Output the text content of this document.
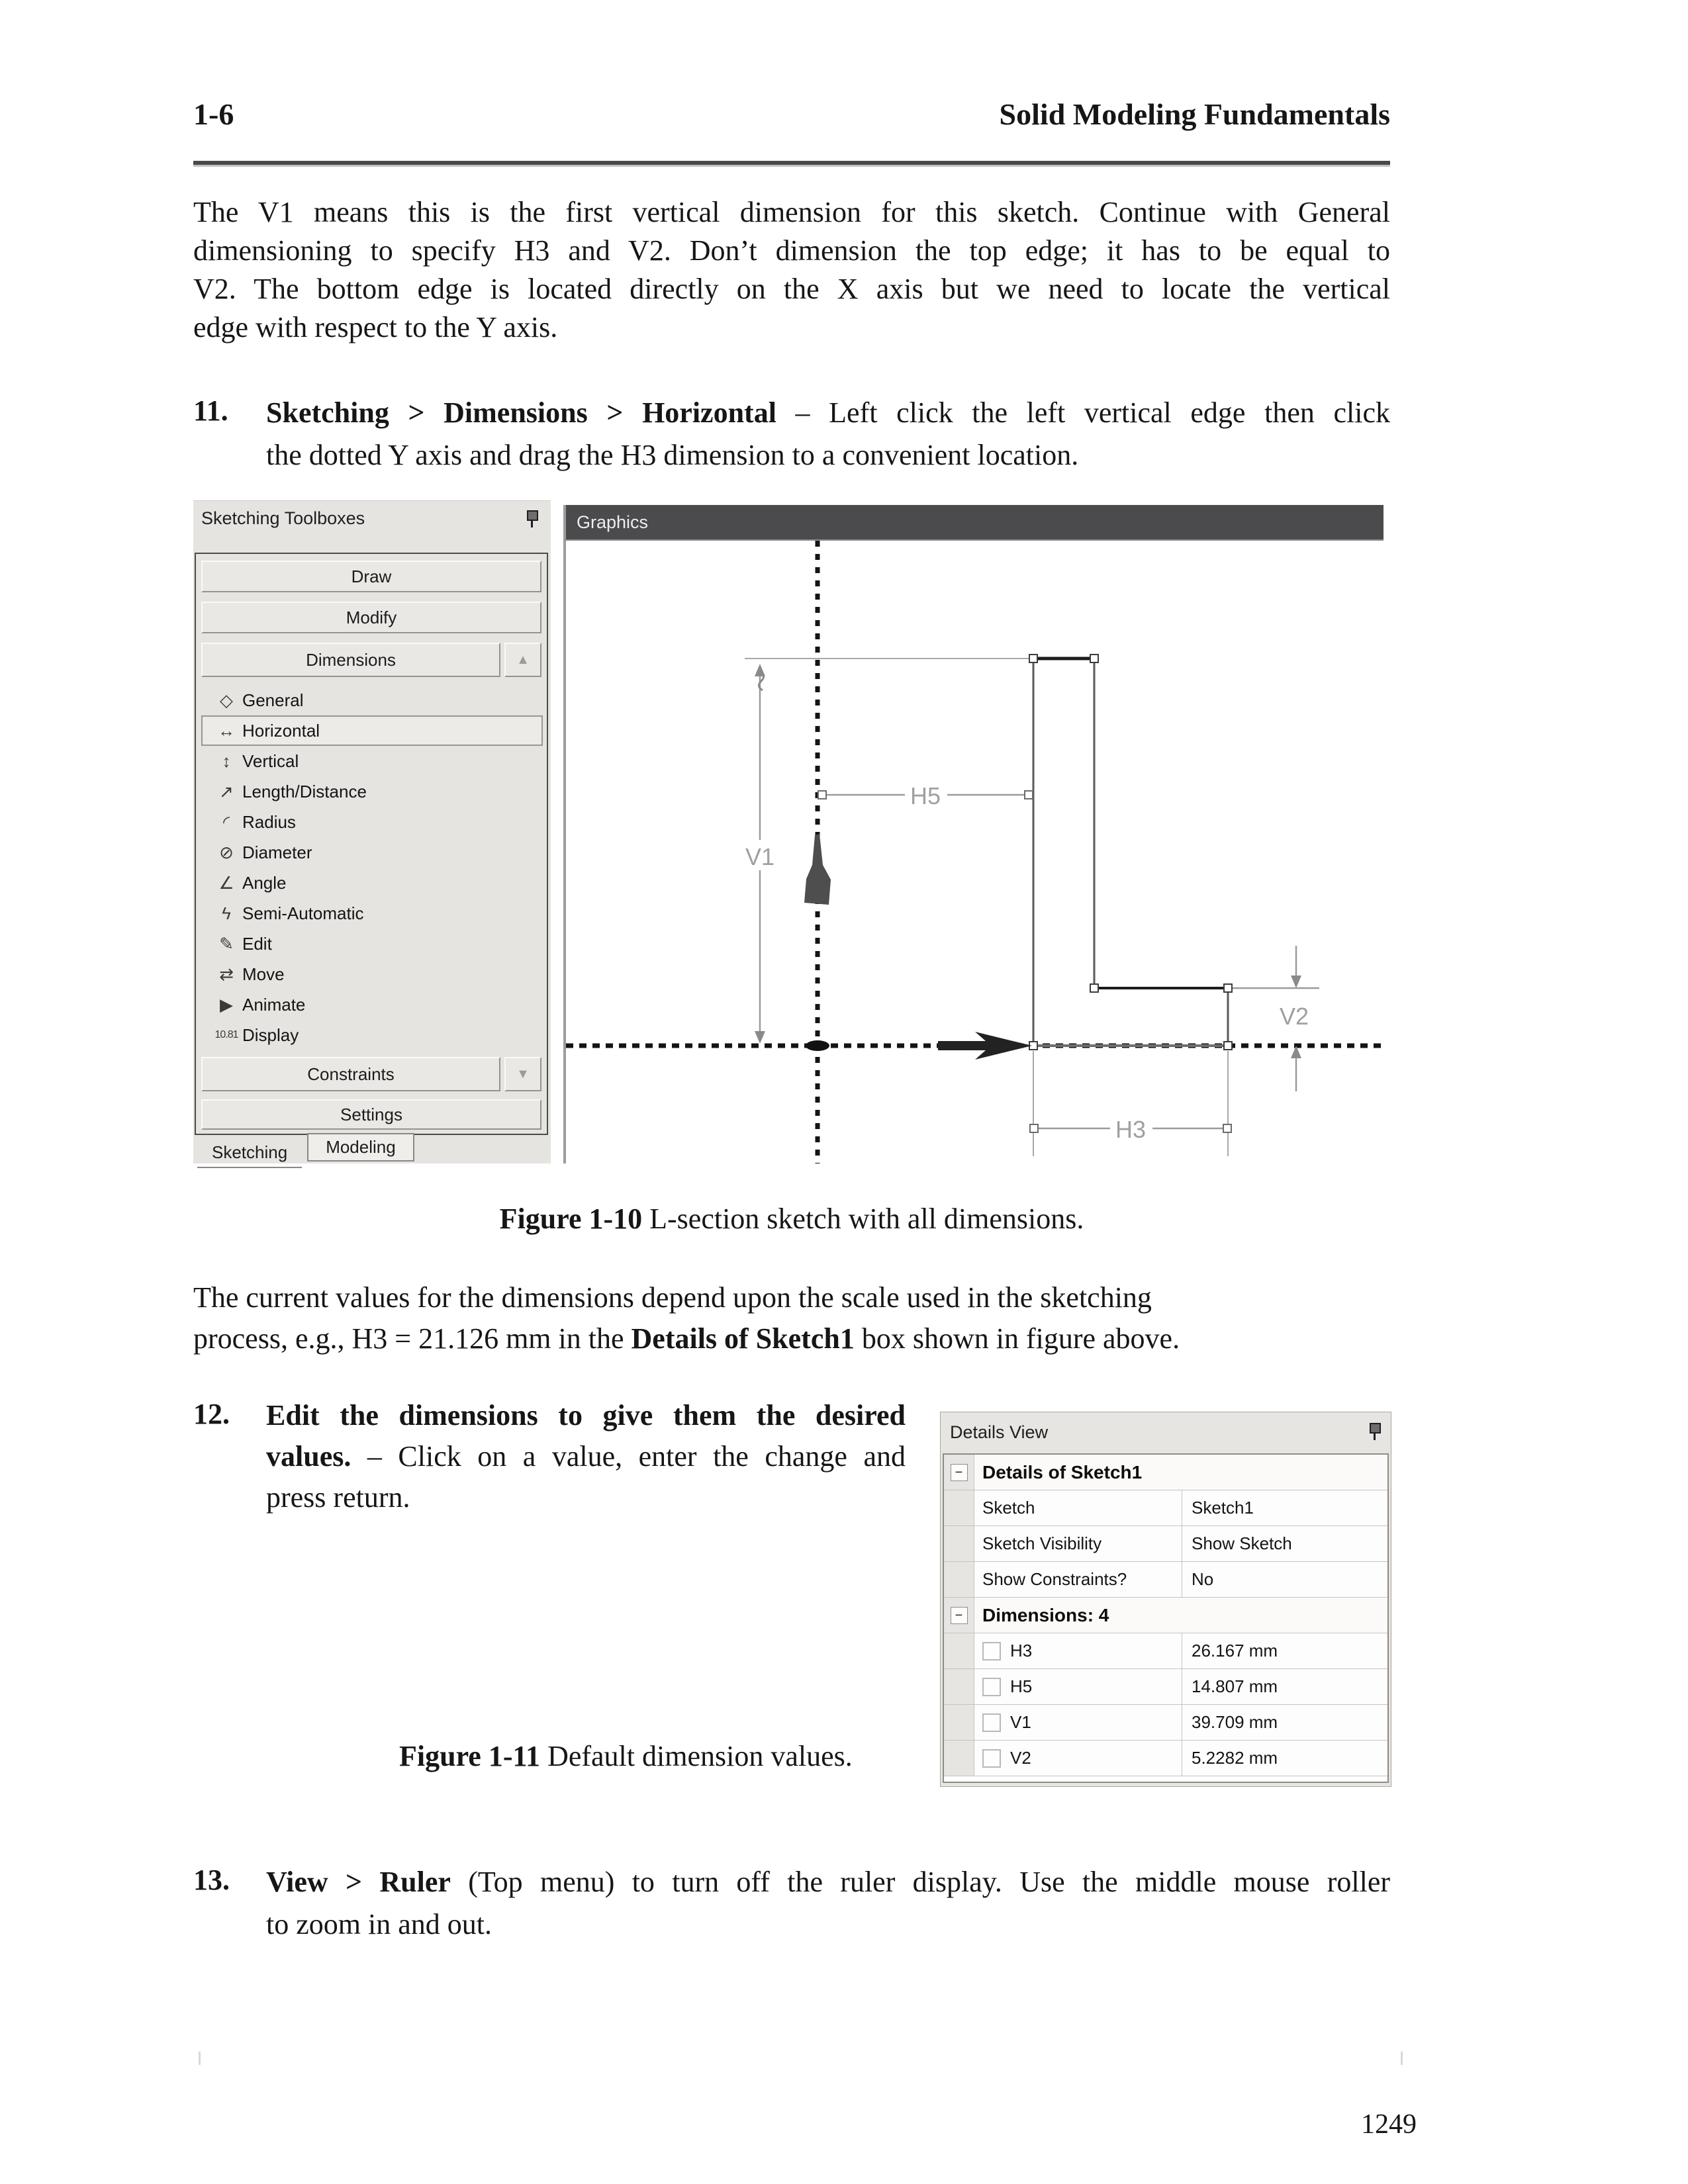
1-6	Solid Modeling Fundamentals
The V1 means this is the first vertical dimension for this sketch. Continue with General
dimensioning to specify H3 and V2. Don’t dimension the top edge; it has to be equal to
V2. The bottom edge is located directly on the X axis but we need to locate the vertical
edge with respect to the Y axis.
11. Sketching > Dimensions > Horizontal – Left click the left vertical edge then click
the dotted Y axis and drag the H3 dimension to a convenient location.
Sketching Toolboxes
Draw
Modify
Dimensions	▲
◇ General
↔ Horizontal
↕ Vertical
↗ Length/Distance
◜ Radius
⊘ Diameter
∠ Angle
ϟ Semi-Automatic
✎ Edit
⇄ Move
▶ Animate
10.81 Display
Constraints	▼
Settings
Sketching	Modeling
Graphics
H5
H3
V2
V1
Figure 1-10 L-section sketch with all dimensions.
The current values for the dimensions depend upon the scale used in the sketching
process, e.g., H3 = 21.126 mm in the Details of Sketch1 box shown in figure above.
12. Edit the dimensions to give them the desired
values. – Click on a value, enter the change and
press return.
Details View
−	Details of Sketch1
Sketch	Sketch1
Sketch Visibility	Show Sketch
Show Constraints?	No
−	Dimensions: 4
H3	26.167 mm
H5	14.807 mm
V1	39.709 mm
V2	5.2282 mm
Figure 1-11 Default dimension values.
13. View > Ruler (Top menu) to turn off the ruler display. Use the middle mouse roller
to zoom in and out.
1249
